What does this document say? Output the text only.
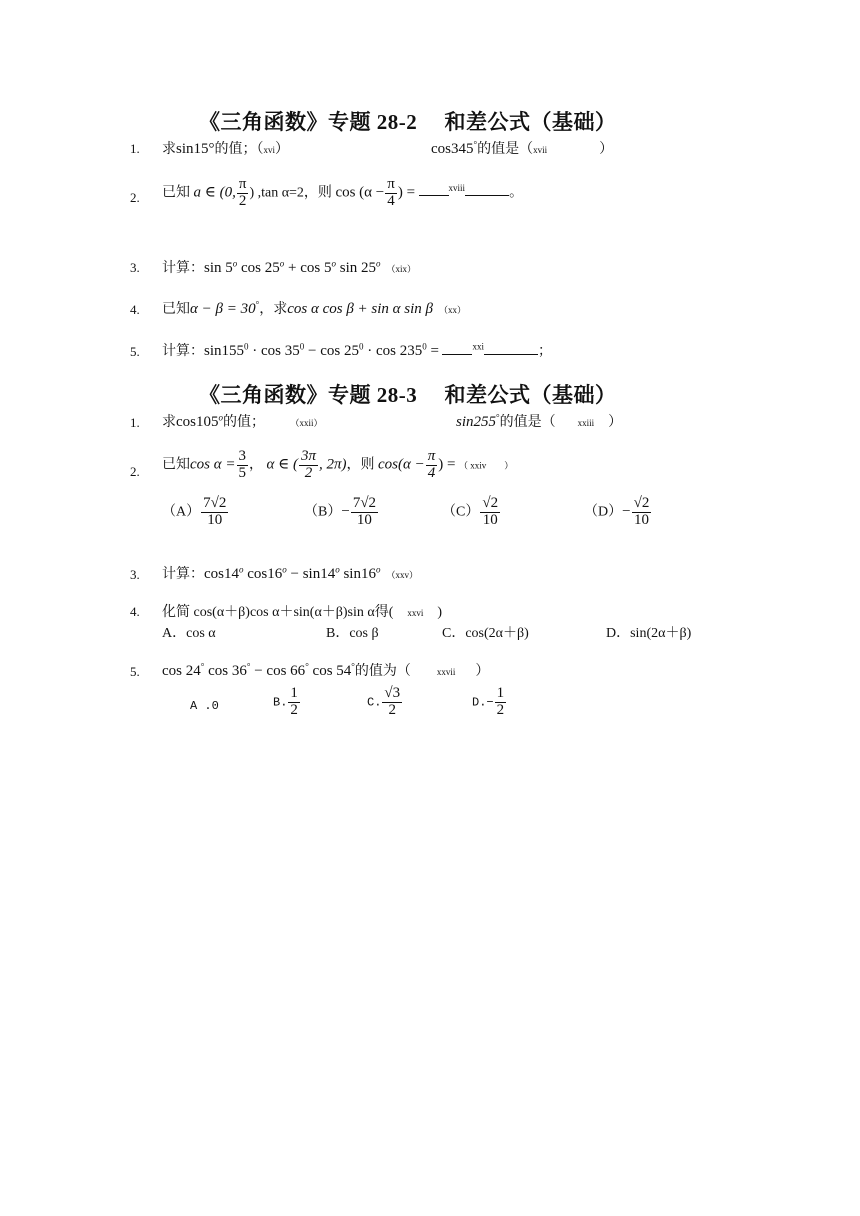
《三角函数》专题 28-2　 和差公式（基础）
1. 求sin15°的值；（xvi）	cos345°的值是（xvii	）
2. 已知 a ∈ (0, $\frac{\pi}{2}$ ) ,tan α=2，则 $\cos (\alpha - \frac{\pi}{4}$ ) =	$^{xviii}$	。
3. 计算：sin 5$^o$ $\cos 25^o + \cos 5^o$ sin 25$^o$（xix）
4. 已知α − β = 30°，求cos α cos β + sin α sin β （xx）
5. 计算：$\sin 155^0 \cdot \cos 35^0 - \cos 25^0 \cdot \cos 235^0$ =	$^{xxi}$	；
《三角函数》专题 28-3　 和差公式（基础）
1. 求cos105$^o$的值；	（xxii）	sin255°的值是（ xxiii ）
2. 已知$\cos \alpha = \frac{3}{5}$ ， α ∈ ( $\frac{3\pi}{2}$ , 2π)，则 $\cos(\alpha - \frac{\pi}{4}$ ) = （ xxiv　　）
$(A) \frac{7√2}{10}$	$(B)- \frac{7√2}{10}$	$(C) \frac{√2}{10}$	$(D)- \frac{√2}{10}$
3. 计算：cos14$^o$ $\cos 16^o - \sin 14^o$ sin16$^o$（xxv）
4. 化简 cos(α＋β)cos α＋sin(α＋β)sin α得( xxvi )
A．cos α	B．cos β	C．cos(2α＋β)	D．sin(2α＋β)
5. cos 24° cos 36° − cos 66° cos 54°的值为（	xxvii ）
A .0	B. $\frac{1}{2}$	C. $\frac{√3}{2}$	$D.- \frac{1}{2}$
